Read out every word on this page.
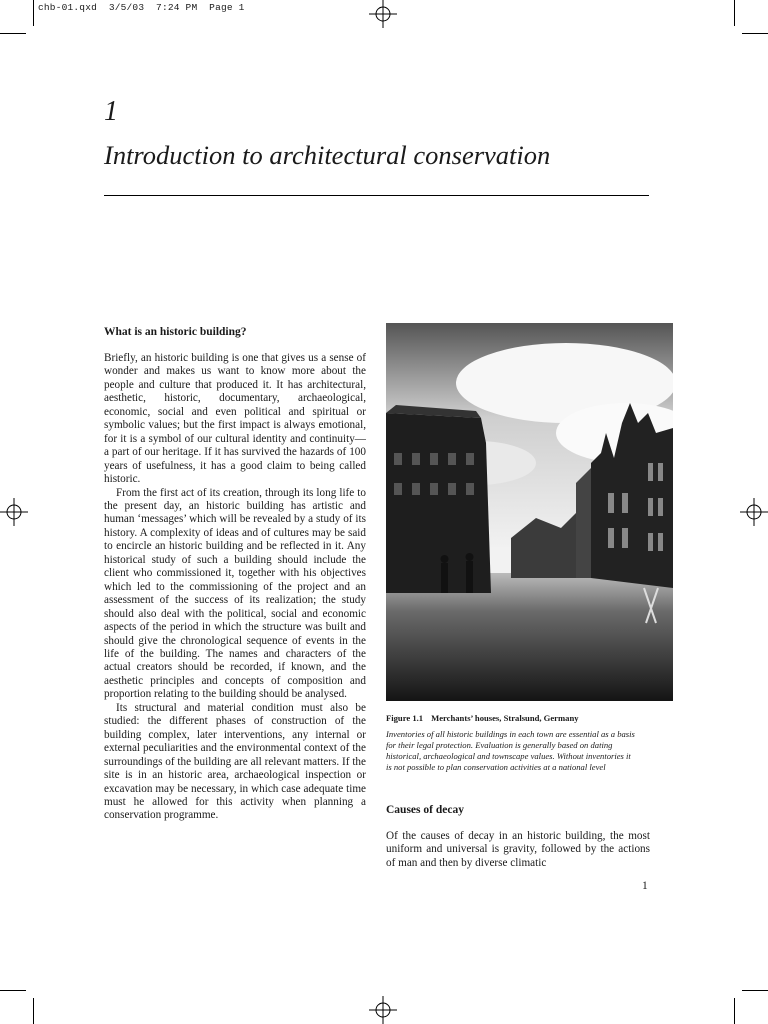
chb-01.qxd 3/5/03 7:24 PM Page 1
1
Introduction to architectural conservation
What is an historic building?

Briefly, an historic building is one that gives us a sense of wonder and makes us want to know more about the people and culture that produced it. It has architectural, aesthetic, historic, documentary, archaeological, economic, social and even political and spiritual or symbolic values; but the first impact is always emotional, for it is a symbol of our cultural identity and continuity—a part of our heritage. If it has survived the hazards of 100 years of usefulness, it has a good claim to being called historic.

From the first act of its creation, through its long life to the present day, an historic building has artistic and human ‘messages’ which will be revealed by a study of its history. A complexity of ideas and of cultures may be said to encircle an historic building and be reflected in it. Any historical study of such a building should include the client who commissioned it, together with his objectives which led to the commissioning of the project and an assessment of the success of its realization; the study should also deal with the political, social and economic aspects of the period in which the structure was built and should give the chronological sequence of events in the life of the building. The names and characters of the actual creators should be recorded, if known, and the aesthetic principles and concepts of composition and proportion relating to the building should be analysed.

Its structural and material condition must also be studied: the different phases of construction of the building complex, later interventions, any internal or external peculiarities and the environmental context of the surroundings of the building are all relevant matters. If the site is in an historic area, archaeological inspection or excavation may be necessary, in which case adequate time must he allowed for this activity when planning a conservation programme.

Figure 1.1 Merchants’ houses, Stralsund, Germany
Inventories of all historic buildings in each town are essential as a basis for their legal protection. Evaluation is generally based on dating historical, archaeological and townscape values. Without inventories it is not possible to plan conservation activities at a national level
Causes of decay

Of the causes of decay in an historic building, the most uniform and universal is gravity, followed by the actions of man and then by diverse climatic

1
